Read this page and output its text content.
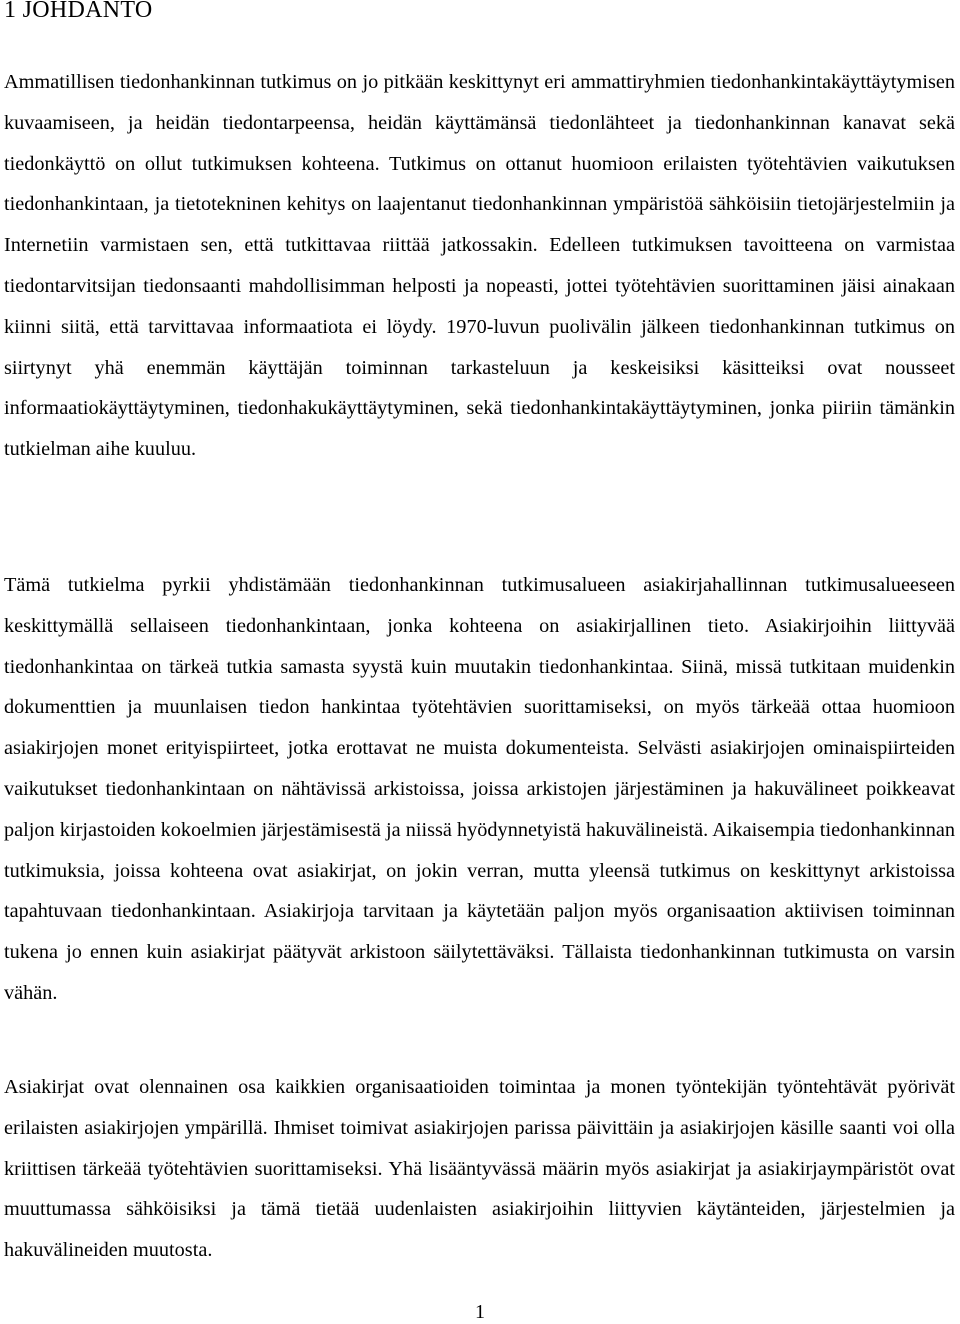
1 JOHDANTO

Ammatillisen tiedonhankinnan tutkimus on jo pitkään keskittynyt eri ammattiryhmien tiedonhankintakäyttäytymisen kuvaamiseen, ja heidän tiedontarpeensa, heidän käyttämänsä tiedonlähteet ja tiedonhankinnan kanavat sekä tiedonkäyttö on ollut tutkimuksen kohteena. Tutkimus on ottanut huomioon erilaisten työtehtävien vaikutuksen tiedonhankintaan, ja tietotekninen kehitys on laajentanut tiedonhankinnan ympäristöä sähköisiin tietojärjestelmiin ja Internetiin varmistaen sen, että tutkittavaa riittää jatkossakin. Edelleen tutkimuksen tavoitteena on varmistaa tiedontarvitsijan tiedonsaanti mahdollisimman helposti ja nopeasti, jottei työtehtävien suorittaminen jäisi ainakaan kiinni siitä, että tarvittavaa informaatiota ei löydy. 1970-luvun puolivälin jälkeen tiedonhankinnan tutkimus on siirtynyt yhä enemmän käyttäjän toiminnan tarkasteluun ja keskeisiksi käsitteiksi ovat nousseet informaatiokäyttäytyminen, tiedonhakukäyttäytyminen, sekä tiedonhankintakäyttäytyminen, jonka piiriin tämänkin tutkielman aihe kuuluu.

Tämä tutkielma pyrkii yhdistämään tiedonhankinnan tutkimusalueen asiakirjahallinnan tutkimusalueeseen keskittymällä sellaiseen tiedonhankintaan, jonka kohteena on asiakirjallinen tieto. Asiakirjoihin liittyvää tiedonhankintaa on tärkeä tutkia samasta syystä kuin muutakin tiedonhankintaa. Siinä, missä tutkitaan muidenkin dokumenttien ja muunlaisen tiedon hankintaa työtehtävien suorittamiseksi, on myös tärkeää ottaa huomioon asiakirjojen monet erityispiirteet, jotka erottavat ne muista dokumenteista. Selvästi asiakirjojen ominaispiirteiden vaikutukset tiedonhankintaan on nähtävissä arkistoissa, joissa arkistojen järjestäminen ja hakuvälineet poikkeavat paljon kirjastoiden kokoelmien järjestämisestä ja niissä hyödynnetyistä hakuvälineistä. Aikaisempia tiedonhankinnan tutkimuksia, joissa kohteena ovat asiakirjat, on jokin verran, mutta yleensä tutkimus on keskittynyt arkistoissa tapahtuvaan tiedonhankintaan. Asiakirjoja tarvitaan ja käytetään paljon myös organisaation aktiivisen toiminnan tukena jo ennen kuin asiakirjat päätyvät arkistoon säilytettäväksi. Tällaista tiedonhankinnan tutkimusta on varsin vähän.

Asiakirjat ovat olennainen osa kaikkien organisaatioiden toimintaa ja monen työntekijän työntehtävät pyörivät erilaisten asiakirjojen ympärillä. Ihmiset toimivat asiakirjojen parissa päivittäin ja asiakirjojen käsille saanti voi olla kriittisen tärkeää työtehtävien suorittamiseksi. Yhä lisääntyvässä määrin myös asiakirjat ja asiakirjaympäristöt ovat muuttumassa sähköisiksi ja tämä tietää uudenlaisten asiakirjoihin liittyvien käytänteiden, järjestelmien ja hakuvälineiden muutosta.

1
